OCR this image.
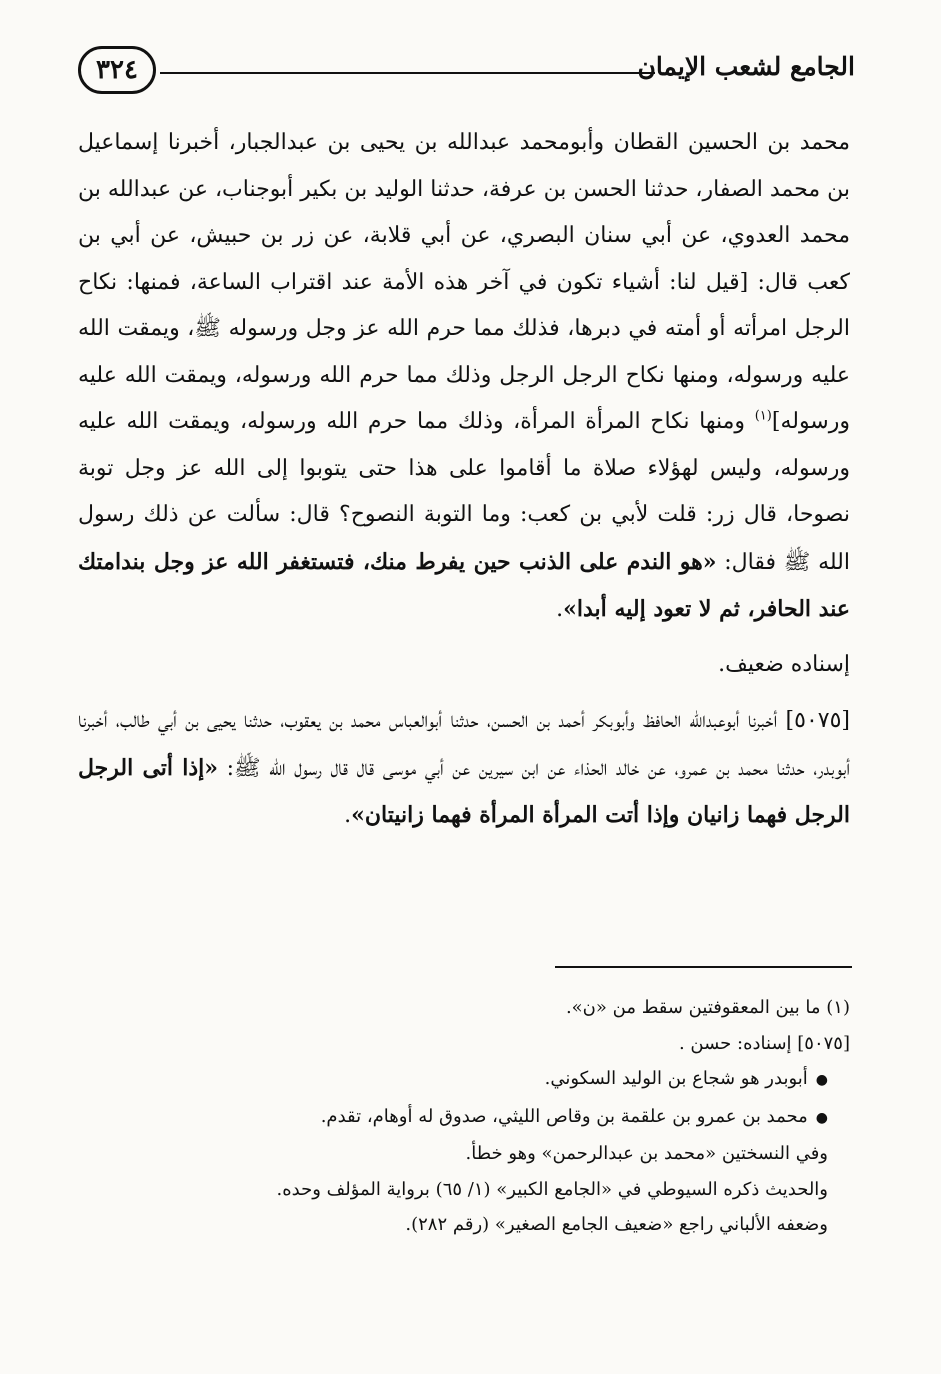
٣٢٤	الجامع لشعب الإيمان

محمد بن الحسين القطان وأبومحمد عبدالله بن يحيى بن عبدالجبار، أخبرنا إسماعيل بن محمد الصفار، حدثنا الحسن بن عرفة، حدثنا الوليد بن بكير أبوجناب، عن عبدالله بن محمد العدوي، عن أبي سنان البصري، عن أبي قلابة، عن زر بن حبيش، عن أبي بن كعب قال: [قيل لنا: أشياء تكون في آخر هذه الأمة عند اقتراب الساعة، فمنها: نكاح الرجل امرأته أو أمته في دبرها، فذلك مما حرم الله عز وجل ورسوله ﷺ، ويمقت الله عليه ورسوله، ومنها نكاح الرجل الرجل وذلك مما حرم الله ورسوله، ويمقت الله عليه ورسوله]$^{(١)}$ ومنها نكاح المرأة المرأة، وذلك مما حرم الله ورسوله، ويمقت الله عليه ورسوله، وليس لهؤلاء صلاة ما أقاموا على هذا حتى يتوبوا إلى الله عز وجل توبة نصوحا، قال زر: قلت لأبي بن كعب: وما التوبة النصوح؟ قال: سألت عن ذلك رسول الله ﷺ فقال: «هو الندم على الذنب حين يفرط منك، فتستغفر الله عز وجل بندامتك عند الحافر، ثم لا تعود إليه أبدا».

إسناده ضعيف.

[٥٠٧٥] أخبرنا أبوعبدالله الحافظ وأبوبكر أحمد بن الحسن، حدثنا أبوالعباس محمد بن يعقوب، حدثنا يحيى بن أبي طالب، أخبرنا أبوبدر، حدثنا محمد بن عمرو، عن خالد الحذاء عن ابن سيرين عن أبي موسى قال قال رسول الله ﷺ: «إذا أتى الرجل الرجل فهما زانيان وإذا أتت المرأة المرأة فهما زانيتان».

(١) ما بين المعقوفتين سقط من «ن».

[٥٠٧٥] إسناده: حسن .

●أبوبدر هو شجاع بن الوليد السكوني.

●محمد بن عمرو بن علقمة بن وقاص الليثي، صدوق له أوهام، تقدم.

وفي النسختين «محمد بن عبدالرحمن» وهو خطأ.

والحديث ذكره السيوطي في «الجامع الكبير» (١/ ٦٥) برواية المؤلف وحده.

وضعفه الألباني راجع «ضعيف الجامع الصغير» (رقم ٢٨٢).
